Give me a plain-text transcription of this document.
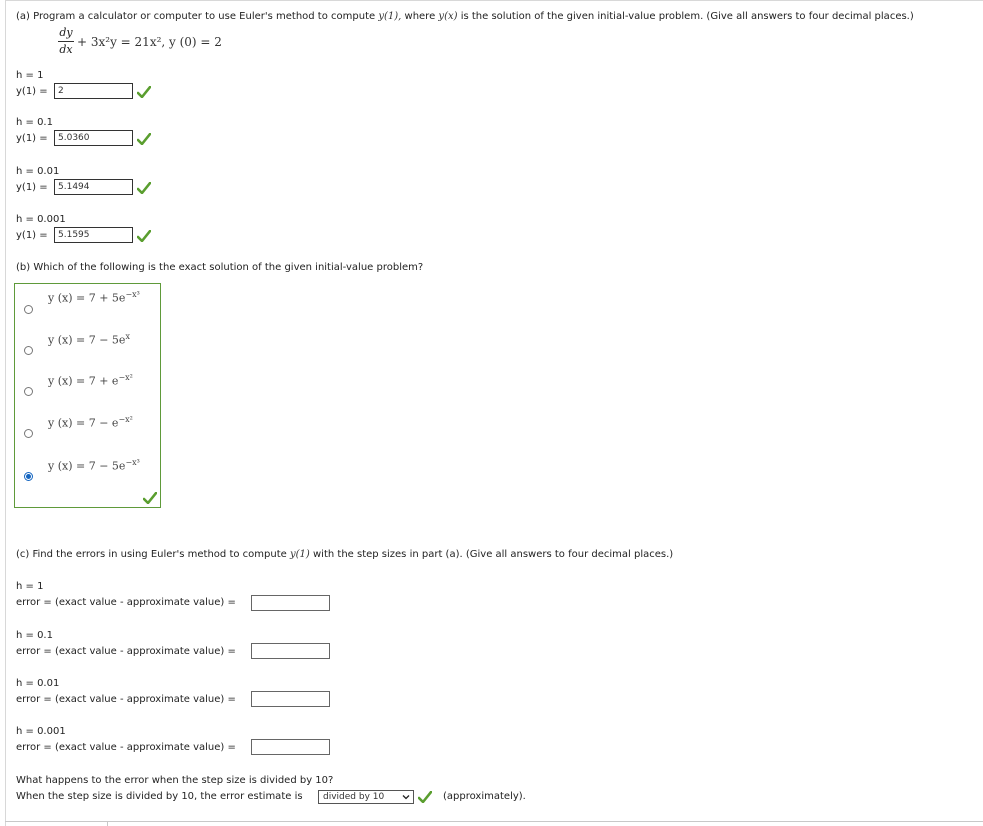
(a) Program a calculator or computer to use Euler's method to compute y(1), where y(x) is the solution of the given initial-value problem. (Give all answers to four decimal places.)
dy
dx
+ 3x²y = 21x², y (0) = 2
h = 1
y(1) =	2
h = 0.1
y(1) =	5.0360
h = 0.01
y(1) =	5.1494
h = 0.001
y(1) =	5.1595
(b) Which of the following is the exact solution of the given initial-value problem?
y $(x) = 7 + 5e^{-x^3}$
y $(x) = 7 - 5e^x$
y $(x) = 7 + e^{-x^2}$
y $(x) = 7 - e^{-x^2}$
y $(x) = 7 - 5e^{-x^3}$
(c) Find the errors in using Euler's method to compute y(1) with the step sizes in part (a). (Give all answers to four decimal places.)
h = 1
error = (exact value - approximate value) =
h = 0.1
error = (exact value - approximate value) =
h = 0.01
error = (exact value - approximate value) =
h = 0.001
error = (exact value - approximate value) =
What happens to the error when the step size is divided by 10?
When the step size is divided by 10, the error estimate is	divided by 10	(approximately).
